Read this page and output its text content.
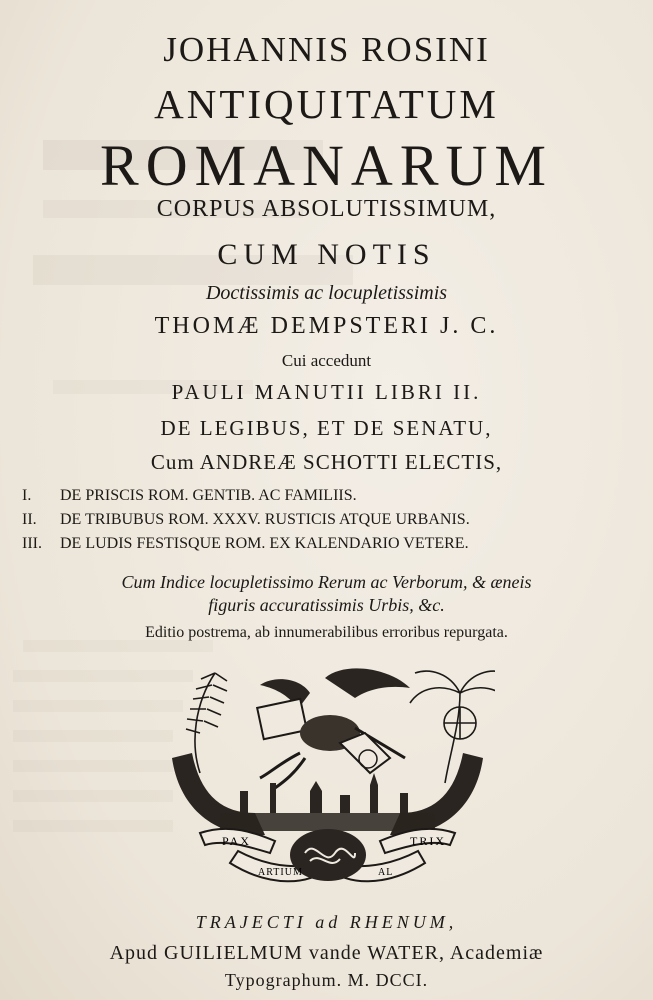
JOHANNIS ROSINI
ANTIQUITATUM
ROMANARUM
CORPUS ABSOLUTISSIMUM,
CUM NOTIS
Doctissimis ac locupletissimis
THOMÆ DEMPSTERI J. C.
Cui accedunt
PAULI MANUTII LIBRI II.
DE LEGIBUS, ET DE SENATU,
Cum ANDREÆ SCHOTTI ELECTIS,
I. DE PRISCIS ROM. GENTIB. AC FAMILIIS.
II. DE TRIBUBUS ROM. XXXV. RUSTICIS ATQUE URBANIS.
III. DE LUDIS FESTISQUE ROM. EX KALENDARIO VETERE.
Cum Indice locupletissimo Rerum ac Verborum, & æneis
figuris accuratissimis Urbis, &c.
Editio postrema, ab innumerabilibus erroribus repurgata.
PAX	TRIX
ARTIUM	AL
TRAJECTI ad RHENUM,
Apud GUILIELMUM vande WATER, Academiæ
Typographum. M. DCCI.
